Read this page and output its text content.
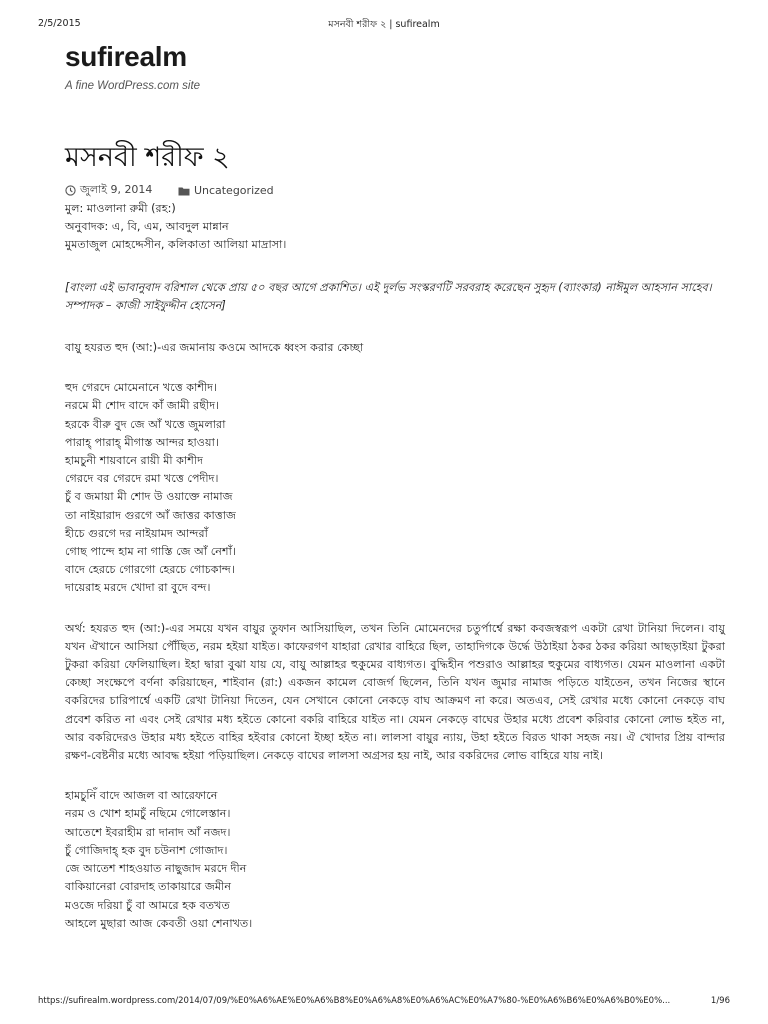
2/5/2015	মসনবী শরীফ ২ | sufirealm
sufirealm

A fine WordPress.com site

মসনবী শরীফ ২
জুলাই 9, 2014
	Uncategorized

মুল: মাওলানা রুমী (রহ:)

অনুবাদক: এ, বি, এম, আবদুল মান্নান

মুমতাজুল মোহদ্দেসীন, কলিকাতা আলিয়া মাদ্রাসা।

[বাংলা এই ভাবানুবাদ বরিশাল থেকে প্রায় ৫০ বছর আগে প্রকাশিত। এই দুর্লভ সংস্করণটি সরবরাহ করেছেন সুহৃদ (ব্যাংকার) নাঈমুল আহসান সাহেব। সম্পাদক – কাজী সাইফুদ্দীন হোসেন]

বায়ু হযরত হুদ (আ:)-এর জমানায় কওমে আদকে ধ্বংস করার কেচ্ছা

হুদ গেরদে মোমেনানে খত্তে কাশীদ।
নরমে মী শোদ বাদে কাঁ জামী রছীদ।
হরকে বীরু বুদ জে আঁ খত্তে জুমলারা
পারাহ্ পারাহ্ মীগাস্ত আন্দর হাওয়া।
হামচুনী শায়বানে রায়ী মী কাশীদ
গেরদে বর গেরদে রমা খত্তে পেদীদ।
চুঁ ব জমায়া মী শোদ উ ওয়াক্তে নামাজ
তা নাইয়ারাদ গুরগে আঁ জাত্তর কাত্তাজ
হীচে গুরগে দর নাইয়ামদ আন্দরাঁ
গোছ পান্দে হাম না গাস্তি জে আঁ নেশাঁ।
বাদে হেরচে গোরগো হেরচে গোচকান্দ।
দায়েরাহ মরদে খোদা রা বুদে বন্দ।

অর্থ: হযরত হুদ (আ:)-এর সময়ে যখন বায়ুর তুফান আসিয়াছিল, তখন তিনি মোমেনদের চতুর্পার্শ্বে রক্ষা কবজস্বরূপ একটা রেখা টানিয়া দিলেন। বায়ু যখন ঐখানে আসিয়া পৌঁছিত, নরম হইয়া যাইত। কাফেরগণ যাহারা রেখার বাহিরে ছিল, তাহাদিগকে উর্দ্ধে উঠাইয়া ঠকর ঠকর করিয়া আছড়াইয়া টুকরা টুকরা করিয়া ফেলিয়াছিল। ইহা দ্বারা বুঝা যায় যে, বায়ু আল্লাহর হুকুমের বাধ্যগত। বুদ্ধিহীন পশুরাও আল্লাহর হুকুমের বাধ্যগত। যেমন মাওলানা একটা কেচ্ছা সংক্ষেপে বর্ণনা করিয়াছেন, শাইবান (রা:) একজন কামেল বোজর্গ ছিলেন, তিনি যখন জুমার নামাজ পড়িতে যাইতেন, তখন নিজের স্থানে বকরিদের চারিপার্শ্বে একটি রেখা টানিয়া দিতেন, যেন সেখানে কোনো নেকড়ে বাঘ আক্রমণ না করে। অতএব, সেই রেখার মধ্যে কোনো নেকড়ে বাঘ প্রবেশ করিত না এবং সেই রেখার মধ্য হইতে কোনো বকরি বাহিরে যাইত না। যেমন নেকড়ে বাঘের উহার মধ্যে প্রবেশ করিবার কোনো লোভ হইত না, আর বকরিদেরও উহার মধ্য হইতে বাহির হইবার কোনো ইচ্ছা হইত না। লালসা বায়ুর ন্যায়, উহা হইতে বিরত থাকা সহজ নয়। ঐ খোদার প্রিয় বান্দার রক্ষণ-বেষ্টনীর মধ্যে আবদ্ধ হইয়া পড়িয়াছিল। নেকড়ে বাঘের লালসা অগ্রসর হয় নাই, আর বকরিদের লোভ বাহিরে যায় নাই।

হামচুনিঁ বাদে আজল বা আরেফানে
নরম ও খোশ হামচুঁ নছিমে গোলেস্তান।
আতেশে ইবরাহীম রা দানাদ আঁ নজদ।
চুঁ গোজিদাহ্ হক বুদ চউনাশ গোজাদ।
জে আতেশ শাহওয়াত নাছুজাদ মরদে দীন
বাকিয়ানেরা বোরদাহ তাকায়ারে জমীন
মওজে দরিয়া চুঁ বা আমরে হক বতখত
আহলে মুছারা আজ কেবতী ওয়া শেনাখত।

https://sufirealm.wordpress.com/2014/07/09/%E0%A6%AE%E0%A6%B8%E0%A6%A8%E0%A6%AC%E0%A7%80-%E0%A6%B6%E0%A6%B0%E0%...	1/96
